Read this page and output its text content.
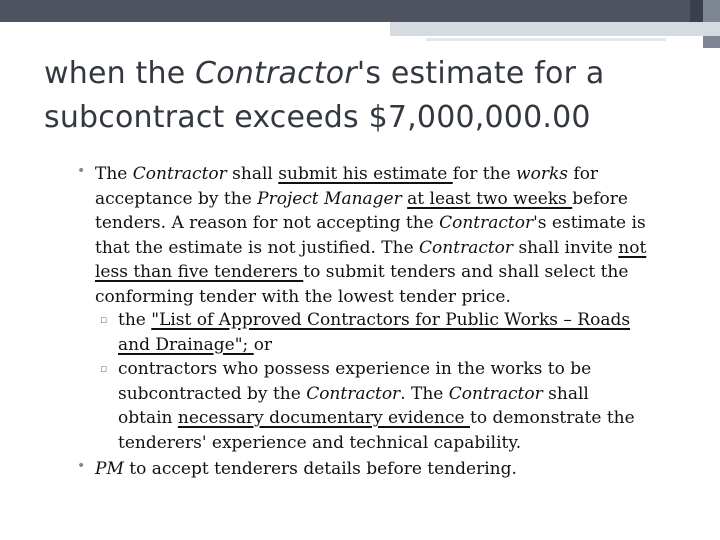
when the Contractor's estimate for a subcontract exceeds $7,000,000.00
• The Contractor shall submit his estimate for the works for acceptance by the Project Manager at least two weeks before tenders. A reason for not accepting the Contractor's estimate is that the estimate is not justified. The Contractor shall invite not less than five tenderers to submit tenders and shall select the conforming tender with the lowest tender price.
▫ the "List of Approved Contractors for Public Works – Roads and Drainage"; or
▫ contractors who possess experience in the works to be subcontracted by the Contractor. The Contractor shall obtain necessary documentary evidence to demonstrate the tenderers' experience and technical capability.
• PM to accept tenderers details before tendering.
